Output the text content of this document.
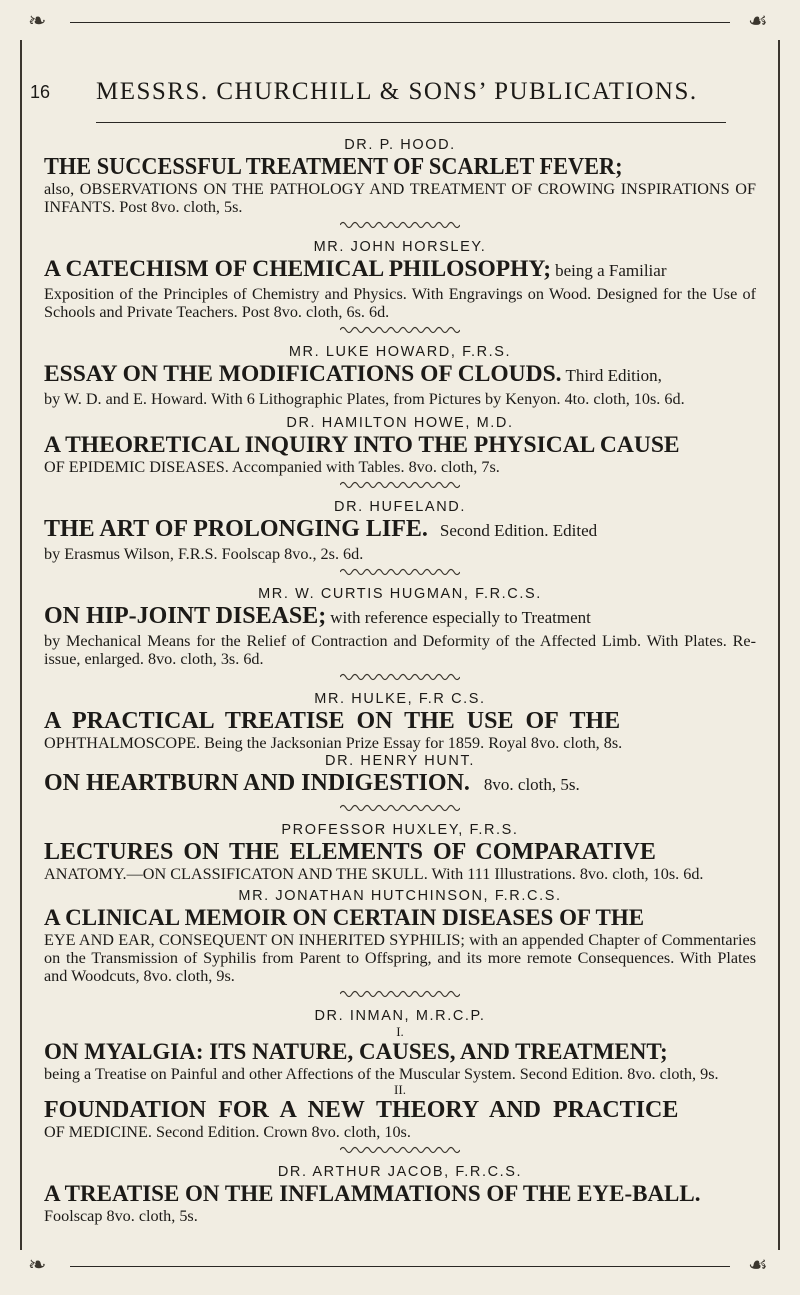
❧	☙
16 MESSRS. CHURCHILL & SONS’ PUBLICATIONS.
DR. P. HOOD.
THE SUCCESSFUL TREATMENT OF SCARLET FEVER;
also, OBSERVATIONS ON THE PATHOLOGY AND TREATMENT OF CROWING INSPIRATIONS OF INFANTS. Post 8vo. cloth, 5s.
MR. JOHN HORSLEY.
A CATECHISM OF CHEMICAL PHILOSOPHY; being a Familiar
Exposition of the Principles of Chemistry and Physics. With Engravings on Wood. Designed for the Use of Schools and Private Teachers. Post 8vo. cloth, 6s. 6d.
MR. LUKE HOWARD, F.R.S.
ESSAY ON THE MODIFICATIONS OF CLOUDS. Third Edition,
by W. D. and E. Howard. With 6 Lithographic Plates, from Pictures by Kenyon. 4to. cloth, 10s. 6d.
DR. HAMILTON HOWE, M.D.
A THEORETICAL INQUIRY INTO THE PHYSICAL CAUSE
OF EPIDEMIC DISEASES. Accompanied with Tables. 8vo. cloth, 7s.
DR. HUFELAND.
THE ART OF PROLONGING LIFE. Second Edition. Edited
by Erasmus Wilson, F.R.S. Foolscap 8vo., 2s. 6d.
MR. W. CURTIS HUGMAN, F.R.C.S.
ON HIP-JOINT DISEASE; with reference especially to Treatment
by Mechanical Means for the Relief of Contraction and Deformity of the Affected Limb. With Plates. Re-issue, enlarged. 8vo. cloth, 3s. 6d.
MR. HULKE, F.R C.S.
A PRACTICAL TREATISE ON THE USE OF THE
OPHTHALMOSCOPE. Being the Jacksonian Prize Essay for 1859. Royal 8vo. cloth, 8s.
DR. HENRY HUNT.
ON HEARTBURN AND INDIGESTION. 8vo. cloth, 5s.
PROFESSOR HUXLEY, F.R.S.
LECTURES ON THE ELEMENTS OF COMPARATIVE
ANATOMY.—ON CLASSIFICATON AND THE SKULL. With 111 Illustrations. 8vo. cloth, 10s. 6d.
MR. JONATHAN HUTCHINSON, F.R.C.S.
A CLINICAL MEMOIR ON CERTAIN DISEASES OF THE
EYE AND EAR, CONSEQUENT ON INHERITED SYPHILIS; with an appended Chapter of Commentaries on the Transmission of Syphilis from Parent to Offspring, and its more remote Consequences. With Plates and Woodcuts, 8vo. cloth, 9s.
DR. INMAN, M.R.C.P.
I.
ON MYALGIA: ITS NATURE, CAUSES, AND TREATMENT;
being a Treatise on Painful and other Affections of the Muscular System. Second Edition. 8vo. cloth, 9s.
II.
FOUNDATION FOR A NEW THEORY AND PRACTICE
OF MEDICINE. Second Edition. Crown 8vo. cloth, 10s.
DR. ARTHUR JACOB, F.R.C.S.
A TREATISE ON THE INFLAMMATIONS OF THE EYE-BALL.
Foolscap 8vo. cloth, 5s.
❧	☙
